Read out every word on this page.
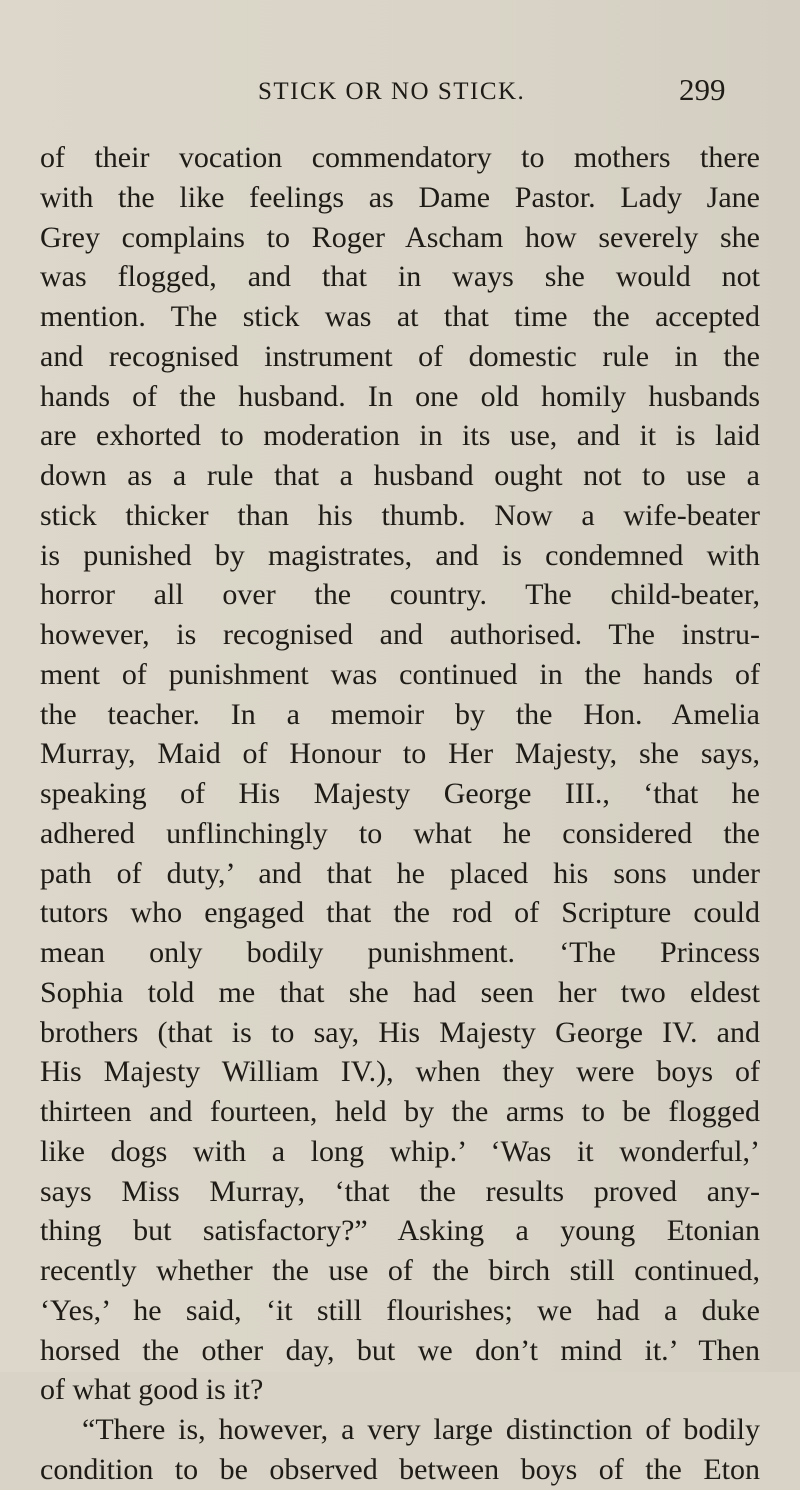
STICK OR NO STICK.	299
of their vocation commendatory to mothers there
with the like feelings as Dame Pastor. Lady Jane
Grey complains to Roger Ascham how severely she
was flogged, and that in ways she would not
mention. The stick was at that time the accepted
and recognised instrument of domestic rule in the
hands of the husband. In one old homily husbands
are exhorted to moderation in its use, and it is laid
down as a rule that a husband ought not to use a
stick thicker than his thumb. Now a wife-beater
is punished by magistrates, and is condemned with
horror all over the country. The child-beater,
however, is recognised and authorised. The instru-
ment of punishment was continued in the hands of
the teacher. In a memoir by the Hon. Amelia
Murray, Maid of Honour to Her Majesty, she says,
speaking of His Majesty George III., ‘that he
adhered unflinchingly to what he considered the
path of duty,’ and that he placed his sons under
tutors who engaged that the rod of Scripture could
mean only bodily punishment. ‘The Princess
Sophia told me that she had seen her two eldest
brothers (that is to say, His Majesty George IV. and
His Majesty William IV.), when they were boys of
thirteen and fourteen, held by the arms to be flogged
like dogs with a long whip.’ ‘Was it wonderful,’
says Miss Murray, ‘that the results proved any-
thing but satisfactory?” Asking a young Etonian
recently whether the use of the birch still continued,
‘Yes,’ he said, ‘it still flourishes; we had a duke
horsed the other day, but we don’t mind it.’ Then
of what good is it?
“There is, however, a very large distinction of bodily
condition to be observed between boys of the Eton
